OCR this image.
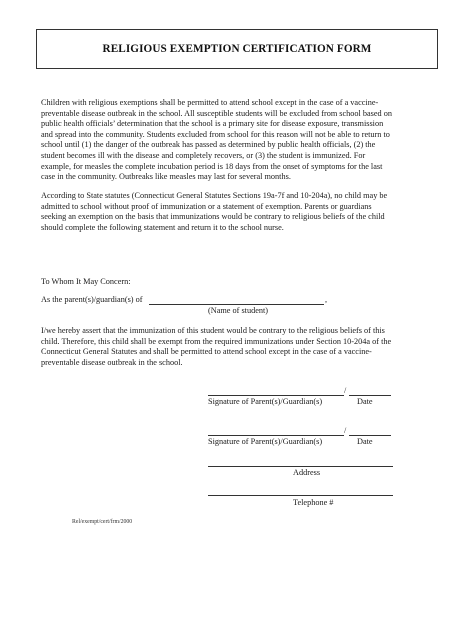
RELIGIOUS EXEMPTION CERTIFICATION FORM
Children with religious exemptions shall be permitted to attend school except in the case of a vaccine-
preventable disease outbreak in the school. All susceptible students will be excluded from school based on
public health officials’ determination that the school is a primary site for disease exposure, transmission
and spread into the community. Students excluded from school for this reason will not be able to return to
school until (1) the danger of the outbreak has passed as determined by public health officials, (2) the
student becomes ill with the disease and completely recovers, or (3) the student is immunized. For
example, for measles the complete incubation period is 18 days from the onset of symptoms for the last
case in the community. Outbreaks like measles may last for several months.
According to State statutes (Connecticut General Statutes Sections 19a-7f and 10-204a), no child may be
admitted to school without proof of immunization or a statement of exemption. Parents or guardians
seeking an exemption on the basis that immunizations would be contrary to religious beliefs of the child
should complete the following statement and return it to the school nurse.
To Whom It May Concern:
As the parent(s)/guardian(s) of	,
(Name of student)
I/we hereby assert that the immunization of this student would be contrary to the religious beliefs of this
child. Therefore, this child shall be exempt from the required immunizations under Section 10-204a of the
Connecticut General Statutes and shall be permitted to attend school except in the case of a vaccine-
preventable disease outbreak in the school.
/
Signature of Parent(s)/Guardian(s)	Date
/
Signature of Parent(s)/Guardian(s)	Date
Address
Telephone #
Rel/exempt/cert/frm/2000
